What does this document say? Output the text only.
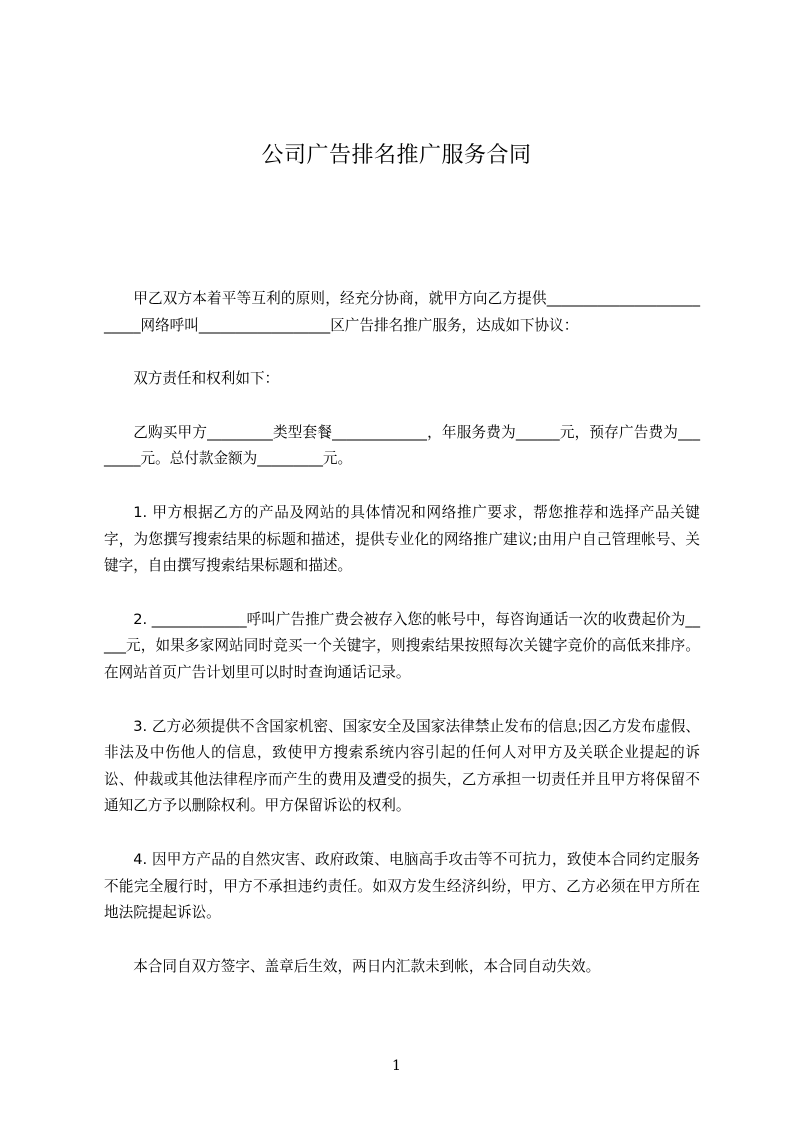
公司广告排名推广服务合同

甲乙双方本着平等互利的原则，经充分协商，就甲方向乙方提供__________________________网络呼叫__________________区广告排名推广服务，达成如下协议：

双方责任和权利如下：

乙购买甲方_________类型套餐_____________，年服务费为______元，预存广告费为________元。总付款金额为_________元。

1. 甲方根据乙方的产品及网站的具体情况和网络推广要求，帮您推荐和选择产品关键字，为您撰写搜索结果的标题和描述，提供专业化的网络推广建议;由用户自己管理帐号、关键字，自由撰写搜索结果标题和描述。

2. _____________呼叫广告推广费会被存入您的帐号中，每咨询通话一次的收费起价为_____元，如果多家网站同时竞买一个关键字，则搜索结果按照每次关键字竞价的高低来排序。在网站首页广告计划里可以时时查询通话记录。

3. 乙方必须提供不含国家机密、国家安全及国家法律禁止发布的信息;因乙方发布虚假、非法及中伤他人的信息，致使甲方搜索系统内容引起的任何人对甲方及关联企业提起的诉讼、仲裁或其他法律程序而产生的费用及遭受的损失，乙方承担一切责任并且甲方将保留不通知乙方予以删除权利。甲方保留诉讼的权利。

4. 因甲方产品的自然灾害、政府政策、电脑高手攻击等不可抗力，致使本合同约定服务不能完全履行时，甲方不承担违约责任。如双方发生经济纠纷，甲方、乙方必须在甲方所在地法院提起诉讼。

本合同自双方签字、盖章后生效，两日内汇款未到帐，本合同自动失效。

1
